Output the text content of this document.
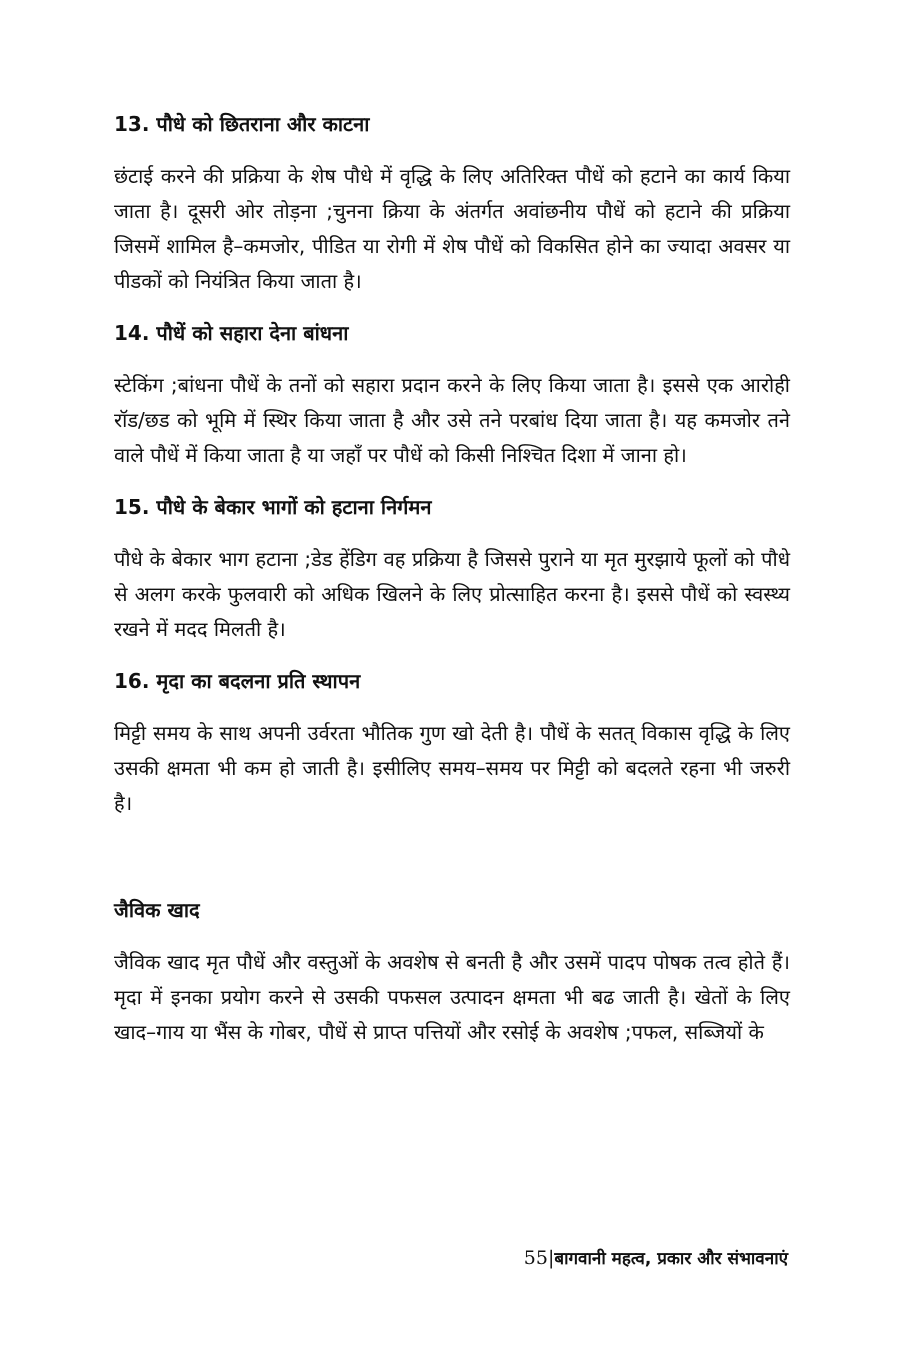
13. पौधे को छितराना और काटना
छंटाई करने की प्रक्रिया के शेष पौधे में वृद्धि के लिए अतिरिक्त पौधें को हटाने का कार्य किया जाता है। दूसरी ओर तोड़ना ;चुनना क्रिया के अंतर्गत अवांछनीय पौधें को हटाने की प्रक्रिया जिसमें शामिल है–कमजोर, पीडित या रोगी में शेष पौधें को विकसित होने का ज्यादा अवसर या पीडकों को नियंत्रित किया जाता है।
14. पौधें को सहारा देना बांधना
स्टेकिंग ;बांधना पौधें के तनों को सहारा प्रदान करने के लिए किया जाता है। इससे एक आरोही रॉड/छड को भूमि में स्थिर किया जाता है और उसे तने परबांध दिया जाता है। यह कमजोर तने वाले पौधें में किया जाता है या जहाँ पर पौधें को किसी निश्चित दिशा में जाना हो।
15. पौधे के बेकार भागों को हटाना निर्गमन
पौधे के बेकार भाग हटाना ;डेड हेंडिग वह प्रक्रिया है जिससे पुराने या मृत मुरझाये फूलों को पौधे से अलग करके फुलवारी को अधिक खिलने के लिए प्रोत्साहित करना है। इससे पौधें को स्वस्थ्य रखने में मदद मिलती है।
16. मृदा का बदलना प्रति स्थापन
मिट्टी समय के साथ अपनी उर्वरता भौतिक गुण खो देती है। पौधें के सतत् विकास वृद्धि के लिए उसकी क्षमता भी कम हो जाती है। इसीलिए समय–समय पर मिट्टी को बदलते रहना भी जरुरी है।
जैविक खाद
जैविक खाद मृत पौधें और वस्तुओं के अवशेष से बनती है और उसमें पादप पोषक तत्व होते हैं। मृदा में इनका प्रयोग करने से उसकी पफसल उत्पादन क्षमता भी बढ जाती है। खेतों के लिए खाद–गाय या भैंस के गोबर, पौधें से प्राप्त पत्तियों और रसोई के अवशेष ;पफल, सब्जियों के
55|बागवानी महत्व, प्रकार और संभावनाएं
